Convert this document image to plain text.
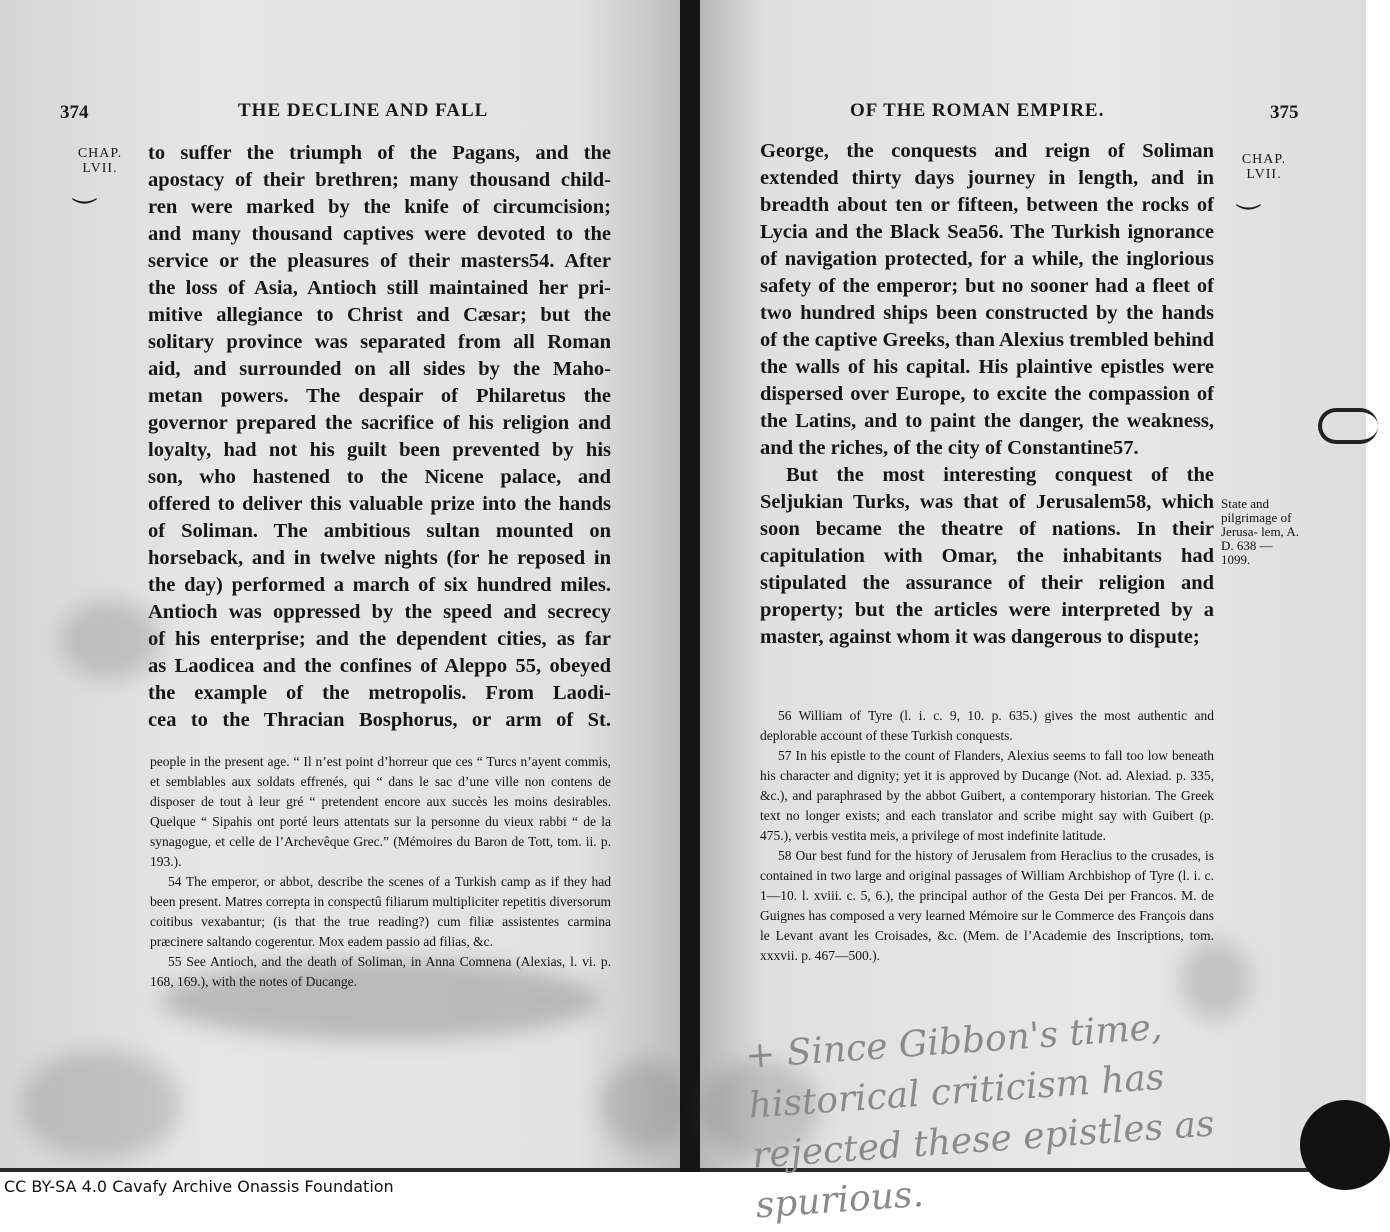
374	THE DECLINE AND FALL
CHAP. LVII.
⏝

to suffer the triumph of the Pagans, and the

apostacy of their brethren; many thousand child-

ren were marked by the knife of circumcision;

and many thousand captives were devoted to the

service or the pleasures of their masters54. After

the loss of Asia, Antioch still maintained her pri-

mitive allegiance to Christ and Cæsar; but the

solitary province was separated from all Roman

aid, and surrounded on all sides by the Maho-

metan powers. The despair of Philaretus the

governor prepared the sacrifice of his religion and

loyalty, had not his guilt been prevented by his

son, who hastened to the Nicene palace, and

offered to deliver this valuable prize into the hands

of Soliman. The ambitious sultan mounted on

horseback, and in twelve nights (for he reposed in

the day) performed a march of six hundred miles.

Antioch was oppressed by the speed and secrecy

of his enterprise; and the dependent cities, as far

as Laodicea and the confines of Aleppo 55, obeyed

the example of the metropolis. From Laodi-

cea to the Thracian Bosphorus, or arm of St.

people in the present age. “ Il n’est point d’horreur que ces “ Turcs n’ayent commis, et semblables aux soldats effrenés, qui “ dans le sac d’une ville non contens de disposer de tout à leur gré “ pretendent encore aux succès les moins desirables. Quelque “ Sipahis ont porté leurs attentats sur la personne du vieux rabbi “ de la synagogue, et celle de l’Archevêque Grec.” (Mémoires du Baron de Tott, tom. ii. p. 193.).

54 The emperor, or abbot, describe the scenes of a Turkish camp as if they had been present. Matres correpta in conspectû filiarum multipliciter repetitis diversorum coitibus vexabantur; (is that the true reading?) cum filiæ assistentes carmina præcinere saltando cogerentur. Mox eadem passio ad filias, &c.

55 See Antioch, and the death of Soliman, in Anna Comnena (Alexias, l. vi. p. 168, 169.), with the notes of Ducange.

OF THE ROMAN EMPIRE.	375
CHAP. LVII.
⏝

George, the conquests and reign of Soliman extended thirty days journey in length, and in breadth about ten or fifteen, between the rocks of Lycia and the Black Sea56. The Turkish ignorance of navigation protected, for a while, the inglorious safety of the emperor; but no sooner had a fleet of two hundred ships been constructed by the hands of the captive Greeks, than Alexius trembled behind the walls of his capital. His plaintive epistles were dispersed over Europe, to excite the compassion of the Latins, and to paint the danger, the weakness, and the riches, of the city of Constantine57.

But the most interesting conquest of the Seljukian Turks, was that of Jerusalem58, which soon became the theatre of nations. In their capitulation with Omar, the inhabitants had stipulated the assurance of their religion and property; but the articles were interpreted by a master, against whom it was dangerous to dispute;

State and pilgrimage of Jerusa- lem, A. D. 638 —1099.

56 William of Tyre (l. i. c. 9, 10. p. 635.) gives the most authentic and deplorable account of these Turkish conquests.

57 In his epistle to the count of Flanders, Alexius seems to fall too low beneath his character and dignity; yet it is approved by Ducange (Not. ad. Alexiad. p. 335, &c.), and paraphrased by the abbot Guibert, a contemporary historian. The Greek text no longer exists; and each translator and scribe might say with Guibert (p. 475.), verbis vestita meis, a privilege of most indefinite latitude.

58 Our best fund for the history of Jerusalem from Heraclius to the crusades, is contained in two large and original passages of William Archbishop of Tyre (l. i. c. 1—10. l. xviii. c. 5, 6.), the principal author of the Gesta Dei per Francos. M. de Guignes has composed a very learned Mémoire sur le Commerce des François dans le Levant avant les Croisades, &c. (Mem. de l’Academie des Inscriptions, tom. xxxvii. p. 467—500.).

+ Since Gibbon's time, historical criticism has rejected these epistles as spurious.
CC BY-SA 4.0 Cavafy Archive Onassis Foundation
